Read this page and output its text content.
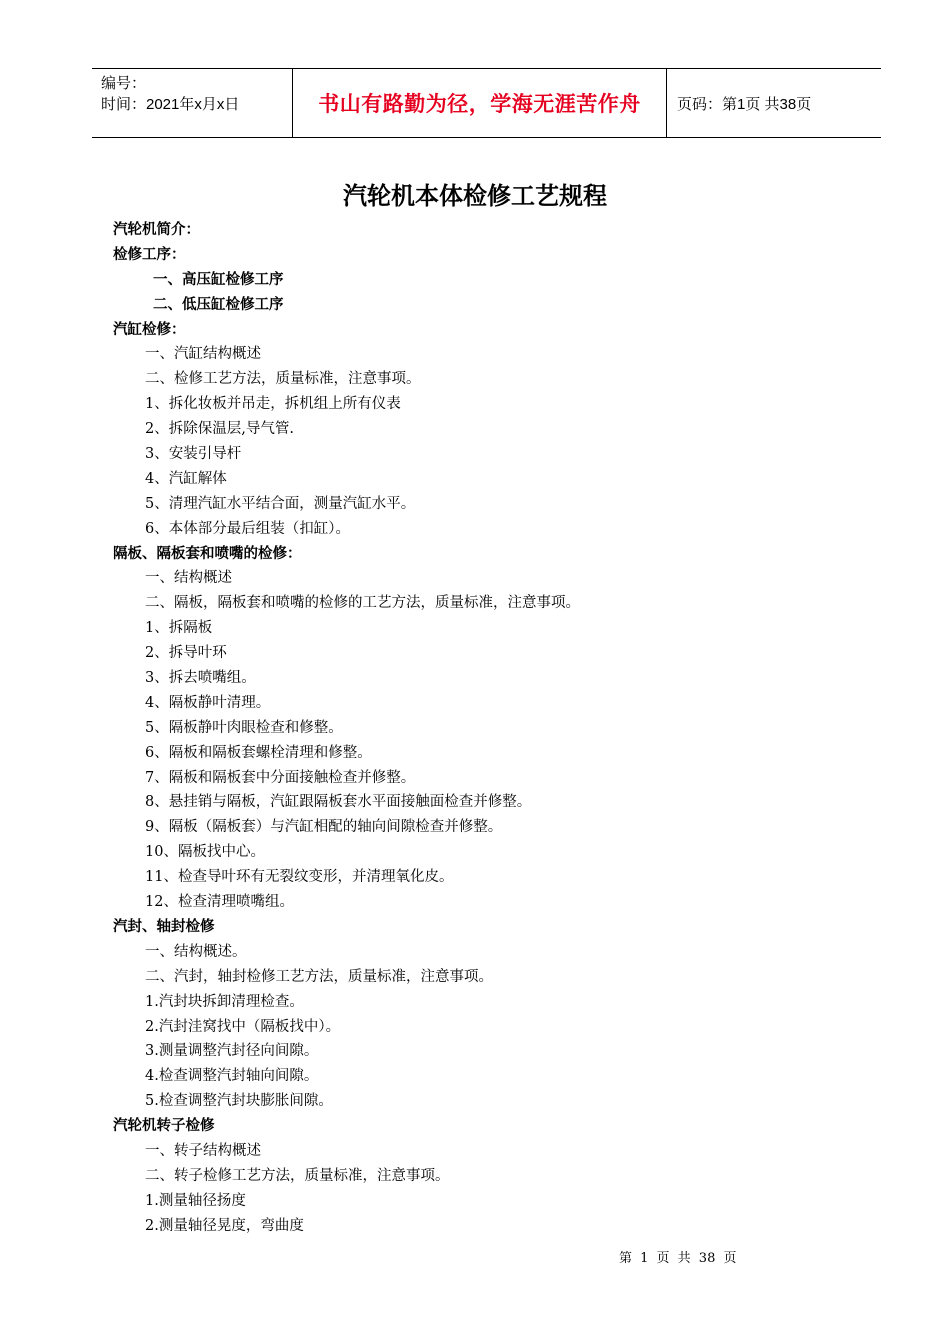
编号：
时间：2021年x月x日	书山有路勤为径，学海无涯苦作舟	页码：第1页 共38页
汽轮机本体检修工艺规程
汽轮机简介：
检修工序：
一、高压缸检修工序
二、低压缸检修工序
汽缸检修：
一、汽缸结构概述
二、检修工艺方法，质量标准，注意事项。
1、拆化妆板并吊走，拆机组上所有仪表
2、拆除保温层,导气管.
3、安装引导杆
4、汽缸解体
5、清理汽缸水平结合面，测量汽缸水平。
6、本体部分最后组装（扣缸）。
隔板、隔板套和喷嘴的检修：
一、结构概述
二、隔板，隔板套和喷嘴的检修的工艺方法，质量标准，注意事项。
1、拆隔板
2、拆导叶环
3、拆去喷嘴组。
4、隔板静叶清理。
5、隔板静叶肉眼检查和修整。
6、隔板和隔板套螺栓清理和修整。
7、隔板和隔板套中分面接触检查并修整。
8、悬挂销与隔板，汽缸跟隔板套水平面接触面检查并修整。
9、隔板（隔板套）与汽缸相配的轴向间隙检查并修整。
10、隔板找中心。
11、检查导叶环有无裂纹变形，并清理氧化皮。
12、检查清理喷嘴组。
汽封、轴封检修
一、结构概述。
二、汽封，轴封检修工艺方法，质量标准，注意事项。
1.汽封块拆卸清理检查。
2.汽封洼窝找中（隔板找中）。
3.测量调整汽封径向间隙。
4.检查调整汽封轴向间隙。
5.检查调整汽封块膨胀间隙。
汽轮机转子检修
一、转子结构概述
二、转子检修工艺方法，质量标准，注意事项。
1.测量轴径扬度
2.测量轴径晃度，弯曲度
第 1 页 共 38 页
